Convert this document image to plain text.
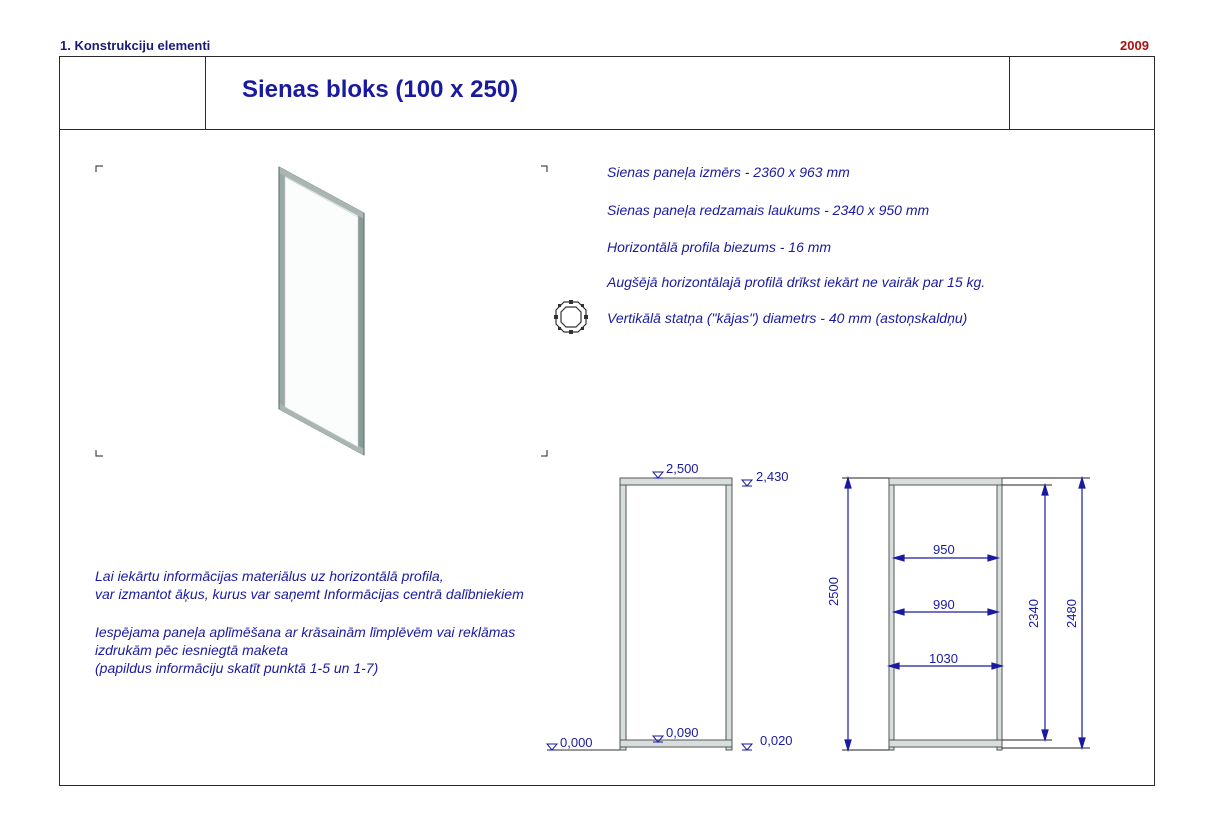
1. Konstrukciju elementi	2009
Sienas bloks (100 x 250)
Sienas paneļa izmērs - 2360 x 963 mm
Sienas paneļa redzamais laukums - 2340 x 950 mm
Horizontālā profila biezums - 16 mm
Augšējā horizontālajā profilā drīkst iekārt ne vairāk par 15 kg.
Vertikālā statņa ("kājas") diametrs - 40 mm (astoņskaldņu)
Lai iekārtu informācijas materiālus uz horizontālā profila,
var izmantot āķus, kurus var saņemt Informācijas centrā dalībniekiem
Iespējama paneļa aplīmēšana ar krāsainām līmplēvēm vai reklāmas
izdrukām pēc iesniegtā maketa
(papildus informāciju skatīt punktā 1-5 un 1-7)
2,500
2,430
0,090
0,000	0,020
950
990
1030
2500
2340 2480
